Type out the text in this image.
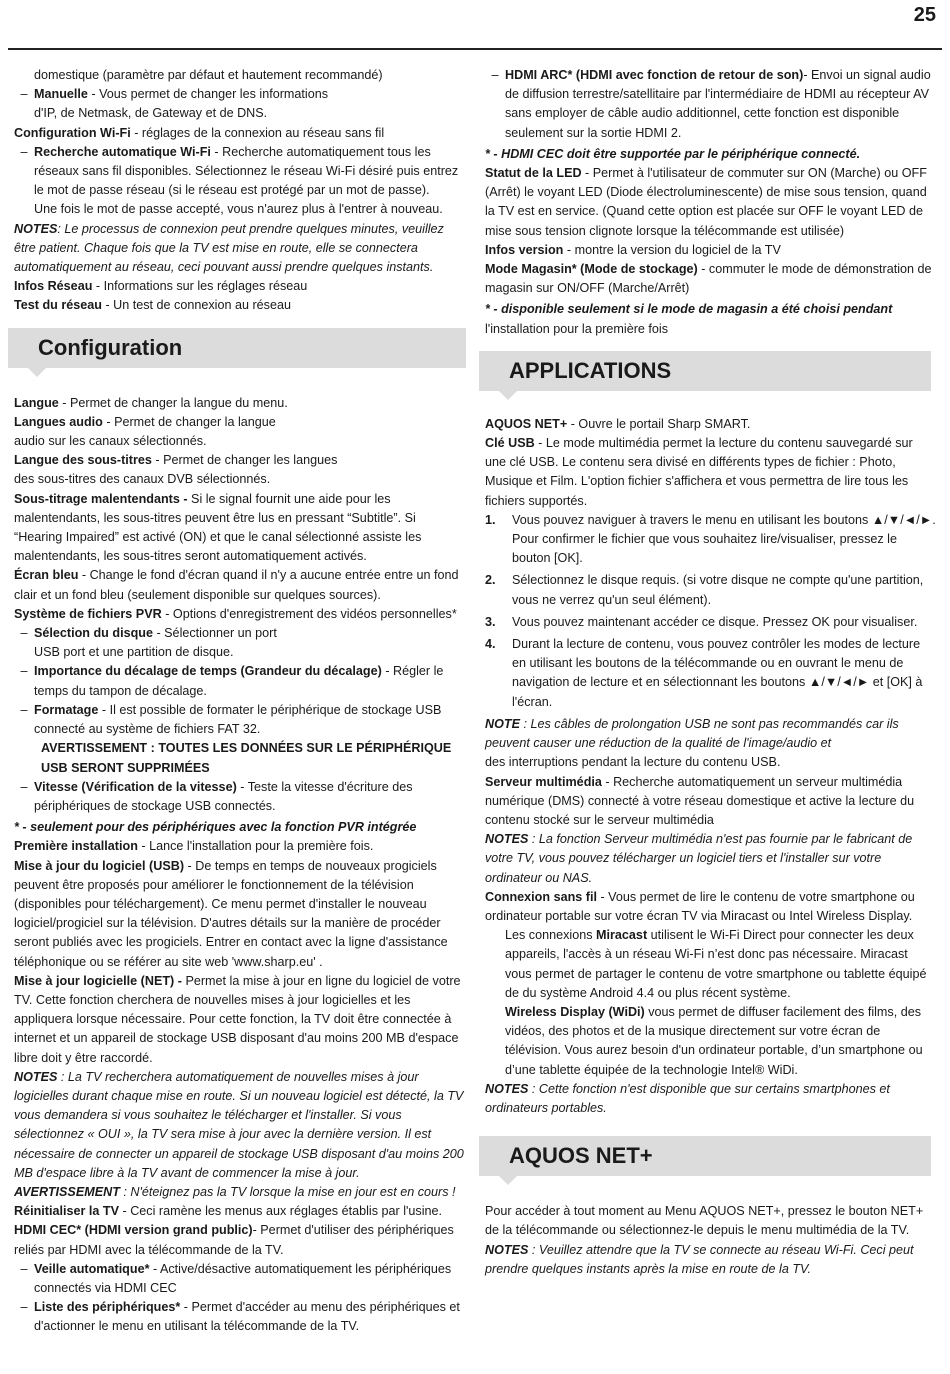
25

domestique (paramètre par défaut et hautement recommandé)

– Manuelle - Vous permet de changer les informations

d'IP, de Netmask, de Gateway et de DNS.

Configuration Wi-Fi - réglages de la connexion au réseau sans fil

– Recherche automatique Wi-Fi - Recherche automatiquement tous les réseaux sans fil disponibles. Sélectionnez le réseau Wi-Fi désiré puis entrez le mot de passe réseau (si le réseau est protégé par un mot de passe).

Une fois le mot de passe accepté, vous n'aurez plus à l'entrer à nouveau.

NOTES: Le processus de connexion peut prendre quelques minutes, veuillez être patient. Chaque fois que la TV est mise en route, elle se connectera automatiquement au réseau, ceci pouvant aussi prendre quelques instants.

Infos Réseau - Informations sur les réglages réseau

Test du réseau - Un test de connexion au réseau

Configuration

Langue - Permet de changer la langue du menu.

Langues audio - Permet de changer la langue

audio sur les canaux sélectionnés.

Langue des sous-titres - Permet de changer les langues

des sous-titres des canaux DVB sélectionnés.

Sous-titrage malentendants - Si le signal fournit une aide pour les malentendants, les sous-titres peuvent être lus en pressant “Subtitle”. Si “Hearing Impaired” est activé (ON) et que le canal sélectionné assiste les malentendants, les sous-titres seront automatiquement activés.

Écran bleu - Change le fond d'écran quand il n'y a aucune entrée entre un fond clair et un fond bleu (seulement disponible sur quelques sources).

Système de fichiers PVR - Options d'enregistrement des vidéos personnelles*

– Sélection du disque - Sélectionner un port

USB port et une partition de disque.

– Importance du décalage de temps (Grandeur du décalage) - Régler le temps du tampon de décalage.

– Formatage - Il est possible de formater le périphérique de stockage USB connecté au système de fichiers FAT 32.

AVERTISSEMENT : TOUTES LES DONNÉES SUR LE PÉRIPHÉRIQUE USB SERONT SUPPRIMÉES

– Vitesse (Vérification de la vitesse) - Teste la vitesse d'écriture des périphériques de stockage USB connectés.

* - seulement pour des périphériques avec la fonction PVR intégrée

Première installation - Lance l'installation pour la première fois.

Mise à jour du logiciel (USB) - De temps en temps de nouveaux progiciels peuvent être proposés pour améliorer le fonctionnement de la télévision (disponibles pour téléchargement). Ce menu permet d'installer le nouveau logiciel/progiciel sur la télévision. D'autres détails sur la manière de procéder seront publiés avec les progiciels. Entrer en contact avec la ligne d'assistance téléphonique ou se référer au site web 'www.sharp.eu' .

Mise à jour logicielle (NET) - Permet la mise à jour en ligne du logiciel de votre TV. Cette fonction cherchera de nouvelles mises à jour logicielles et les appliquera lorsque nécessaire. Pour cette fonction, la TV doit être connectée à internet et un appareil de stockage USB disposant d'au moins 200 MB d'espace libre doit y être raccordé.

NOTES : La TV recherchera automatiquement de nouvelles mises à jour logicielles durant chaque mise en route. Si un nouveau logiciel est détecté, la TV vous demandera si vous souhaitez le télécharger et l'installer. Si vous sélectionnez « OUI », la TV sera mise à jour avec la dernière version. Il est nécessaire de connecter un appareil de stockage USB disposant d'au moins 200 MB d'espace libre à la TV avant de commencer la mise à jour.

AVERTISSEMENT : N'éteignez pas la TV lorsque la mise en jour est en cours !

Réinitialiser la TV - Ceci ramène les menus aux réglages établis par l'usine.

HDMI CEC* (HDMI version grand public)- Permet d'utiliser des périphériques reliés par HDMI avec la télécommande de la TV.

– Veille automatique* - Active/désactive automatiquement les périphériques connectés via HDMI CEC

– Liste des périphériques* - Permet d'accéder au menu des périphériques et d'actionner le menu en utilisant la télécommande de la TV.

– HDMI ARC* (HDMI avec fonction de retour de son)- Envoi un signal audio de diffusion terrestre/satellitaire par l'intermédiaire de HDMI au récepteur AV sans employer de câble audio additionnel, cette fonction est disponible seulement sur la sortie HDMI 2.

* - HDMI CEC doit être supportée par le périphérique connecté.

Statut de la LED - Permet à l'utilisateur de commuter sur ON (Marche) ou OFF (Arrêt) le voyant LED (Diode électroluminescente) de mise sous tension, quand la TV est en service. (Quand cette option est placée sur OFF le voyant LED de mise sous tension clignote lorsque la télécommande est utilisée)

Infos version - montre la version du logiciel de la TV

Mode Magasin* (Mode de stockage) - commuter le mode de démonstration de magasin sur ON/OFF (Marche/Arrêt)

* - disponible seulement si le mode de magasin a été choisi pendant

l'installation pour la première fois

APPLICATIONS

AQUOS NET+ - Ouvre le portail Sharp SMART.

Clé USB - Le mode multimédia permet la lecture du contenu sauvegardé sur une clé USB. Le contenu sera divisé en différents types de fichier : Photo, Musique et Film. L'option fichier s'affichera et vous permettra de lire tous les fichiers supportés.

1. Vous pouvez naviguer à travers le menu en utilisant les boutons ▲/▼/◄/►. Pour confirmer le fichier que vous souhaitez lire/visualiser, pressez le bouton [OK].
2. Sélectionnez le disque requis. (si votre disque ne compte qu'une partition, vous ne verrez qu'un seul élément).
3. Vous pouvez maintenant accéder ce disque. Pressez OK pour visualiser.
4. Durant la lecture de contenu, vous pouvez contrôler les modes de lecture en utilisant les boutons de la télécommande ou en ouvrant le menu de navigation de lecture et en sélectionnant les boutons ▲/▼/◄/► et [OK] à l'écran.

NOTE : Les câbles de prolongation USB ne sont pas recommandés car ils peuvent causer une réduction de la qualité de l'image/audio et

des interruptions pendant la lecture du contenu USB.

Serveur multimédia - Recherche automatiquement un serveur multimédia numérique (DMS) connecté à votre réseau domestique et active la lecture du contenu stocké sur le serveur multimédia

NOTES : La fonction Serveur multimédia n'est pas fournie par le fabricant de votre TV, vous pouvez télécharger un logiciel tiers et l'installer sur votre ordinateur ou NAS.

Connexion sans fil - Vous permet de lire le contenu de votre smartphone ou ordinateur portable sur votre écran TV via Miracast ou Intel Wireless Display.

Les connexions Miracast utilisent le Wi-Fi Direct pour connecter les deux appareils, l'accès à un réseau Wi-Fi n’est donc pas nécessaire. Miracast vous permet de partager le contenu de votre smartphone ou tablette équipé de du système Android 4.4 ou plus récent système.

Wireless Display (WiDi) vous permet de diffuser facilement des films, des vidéos, des photos et de la musique directement sur votre écran de télévision. Vous aurez besoin d'un ordinateur portable, d’un smartphone ou d’une tablette équipée de la technologie Intel® WiDi.

NOTES : Cette fonction n'est disponible que sur certains smartphones et ordinateurs portables.

AQUOS NET+

Pour accéder à tout moment au Menu AQUOS NET+, pressez le bouton NET+ de la télécommande ou sélectionnez-le depuis le menu multimédia de la TV.

NOTES : Veuillez attendre que la TV se connecte au réseau Wi-Fi. Ceci peut prendre quelques instants après la mise en route de la TV.
